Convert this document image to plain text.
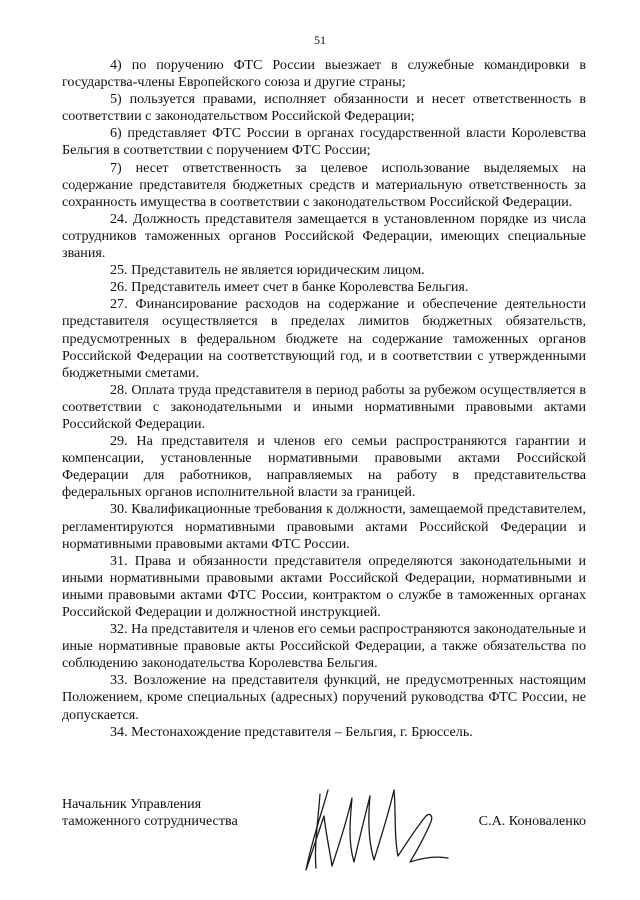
51

4) по поручению ФТС России выезжает в служебные командировки в государства-члены Европейского союза и другие страны;

5) пользуется правами, исполняет обязанности и несет ответственность в соответствии с законодательством Российской Федерации;

6) представляет ФТС России в органах государственной власти Королевства Бельгия в соответствии с поручением ФТС России;

7) несет ответственность за целевое использование выделяемых на содержание представителя бюджетных средств и материальную ответственность за сохранность имущества в соответствии с законодательством Российской Федерации.

24. Должность представителя замещается в установленном порядке из числа сотрудников таможенных органов Российской Федерации, имеющих специальные звания.

25. Представитель не является юридическим лицом.

26. Представитель имеет счет в банке Королевства Бельгия.

27. Финансирование расходов на содержание и обеспечение деятельности представителя осуществляется в пределах лимитов бюджетных обязательств, предусмотренных в федеральном бюджете на содержание таможенных органов Российской Федерации на соответствующий год, и в соответствии с утвержденными бюджетными сметами.

28. Оплата труда представителя в период работы за рубежом осуществляется в соответствии с законодательными и иными нормативными правовыми актами Российской Федерации.

29. На представителя и членов его семьи распространяются гарантии и компенсации, установленные нормативными правовыми актами Российской Федерации для работников, направляемых на работу в представительства федеральных органов исполнительной власти за границей.

30. Квалификационные требования к должности, замещаемой представителем, регламентируются нормативными правовыми актами Российской Федерации и нормативными правовыми актами ФТС России.

31. Права и обязанности представителя определяются законодательными и иными нормативными правовыми актами Российской Федерации, нормативными и иными правовыми актами ФТС России, контрактом о службе в таможенных органах Российской Федерации и должностной инструкцией.

32. На представителя и членов его семьи распространяются законодательные и иные нормативные правовые акты Российской Федерации, а также обязательства по соблюдению законодательства Королевства Бельгия.

33. Возложение на представителя функций, не предусмотренных настоящим Положением, кроме специальных (адресных) поручений руководства ФТС России, не допускается.

34. Местонахождение представителя – Бельгия, г. Брюссель.

Начальник Управления
таможенного сотрудничества	С.А. Коноваленко
